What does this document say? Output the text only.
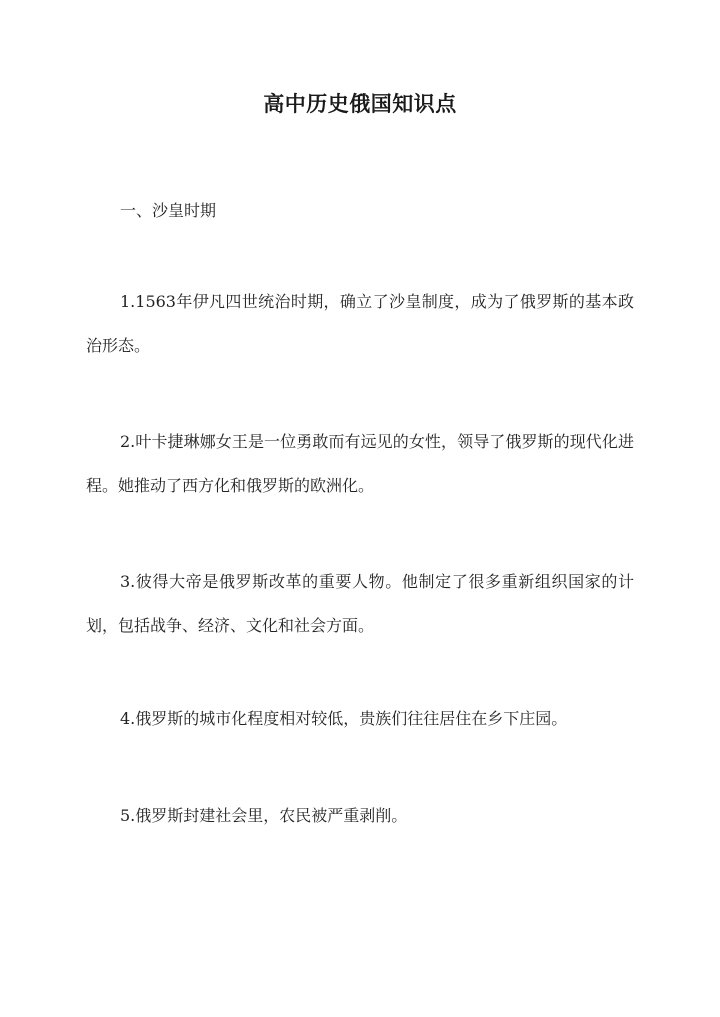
高中历史俄国知识点
一、沙皇时期

1.1563年伊凡四世统治时期，确立了沙皇制度，成为了俄罗斯的基本政治形态。

2.叶卡捷琳娜女王是一位勇敢而有远见的女性，领导了俄罗斯的现代化进程。她推动了西方化和俄罗斯的欧洲化。

3.彼得大帝是俄罗斯改革的重要人物。他制定了很多重新组织国家的计划，包括战争、经济、文化和社会方面。

4.俄罗斯的城市化程度相对较低，贵族们往往居住在乡下庄园。

5.俄罗斯封建社会里，农民被严重剥削。
